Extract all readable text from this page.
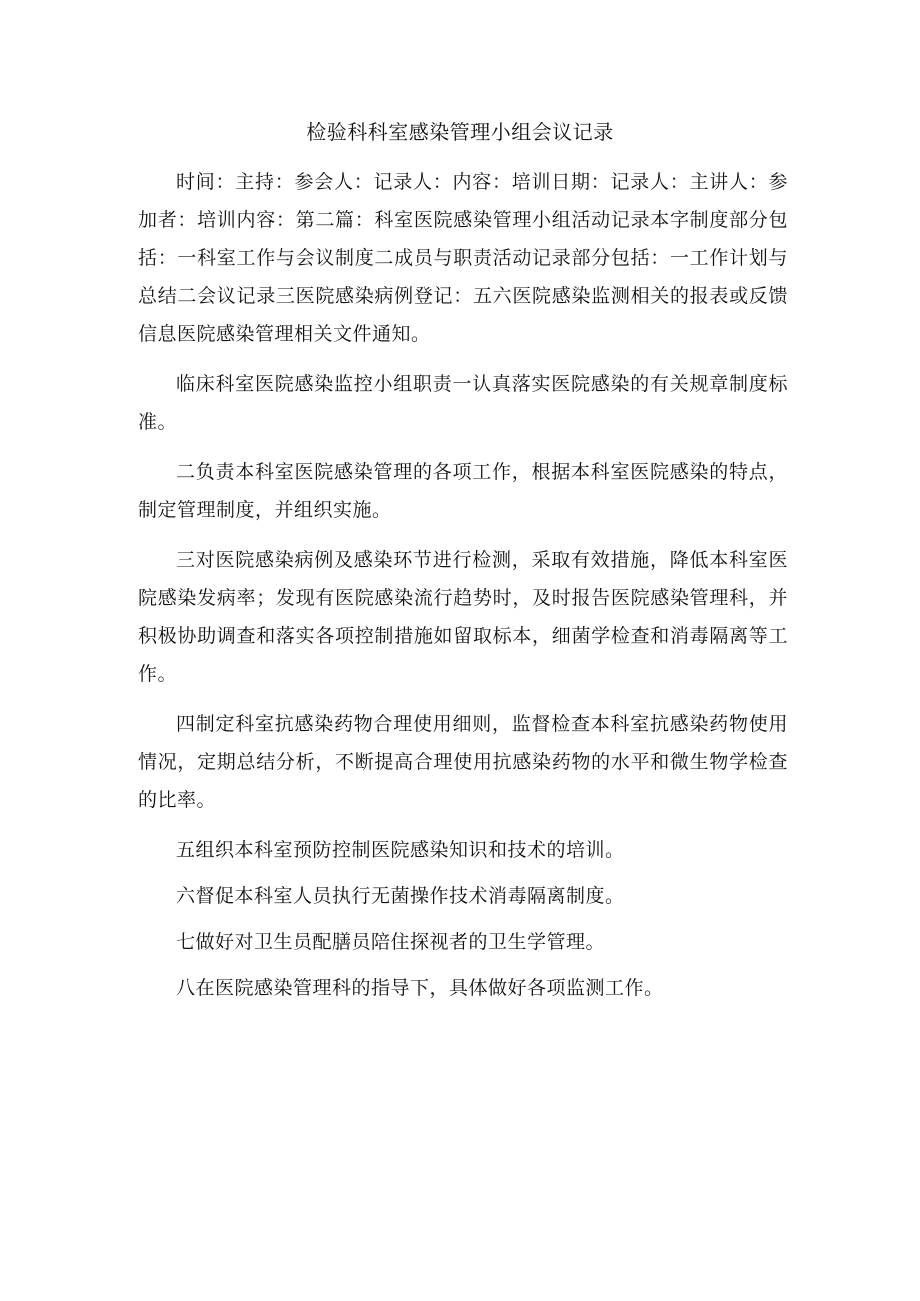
检验科科室感染管理小组会议记录

时间：主持：参会人：记录人：内容：培训日期：记录人：主讲人：参加者：培训内容：第二篇：科室医院感染管理小组活动记录本字制度部分包括：一科室工作与会议制度二成员与职责活动记录部分包括：一工作计划与总结二会议记录三医院感染病例登记：五六医院感染监测相关的报表或反馈信息医院感染管理相关文件通知。

临床科室医院感染监控小组职责一认真落实医院感染的有关规章制度标准。

二负责本科室医院感染管理的各项工作，根据本科室医院感染的特点，制定管理制度，并组织实施。

三对医院感染病例及感染环节进行检测，采取有效措施，降低本科室医院感染发病率；发现有医院感染流行趋势时，及时报告医院感染管理科，并积极协助调查和落实各项控制措施如留取标本，细菌学检查和消毒隔离等工作。

四制定科室抗感染药物合理使用细则，监督检查本科室抗感染药物使用情况，定期总结分析，不断提高合理使用抗感染药物的水平和微生物学检查的比率。

五组织本科室预防控制医院感染知识和技术的培训。

六督促本科室人员执行无菌操作技术消毒隔离制度。

七做好对卫生员配膳员陪住探视者的卫生学管理。

八在医院感染管理科的指导下，具体做好各项监测工作。
